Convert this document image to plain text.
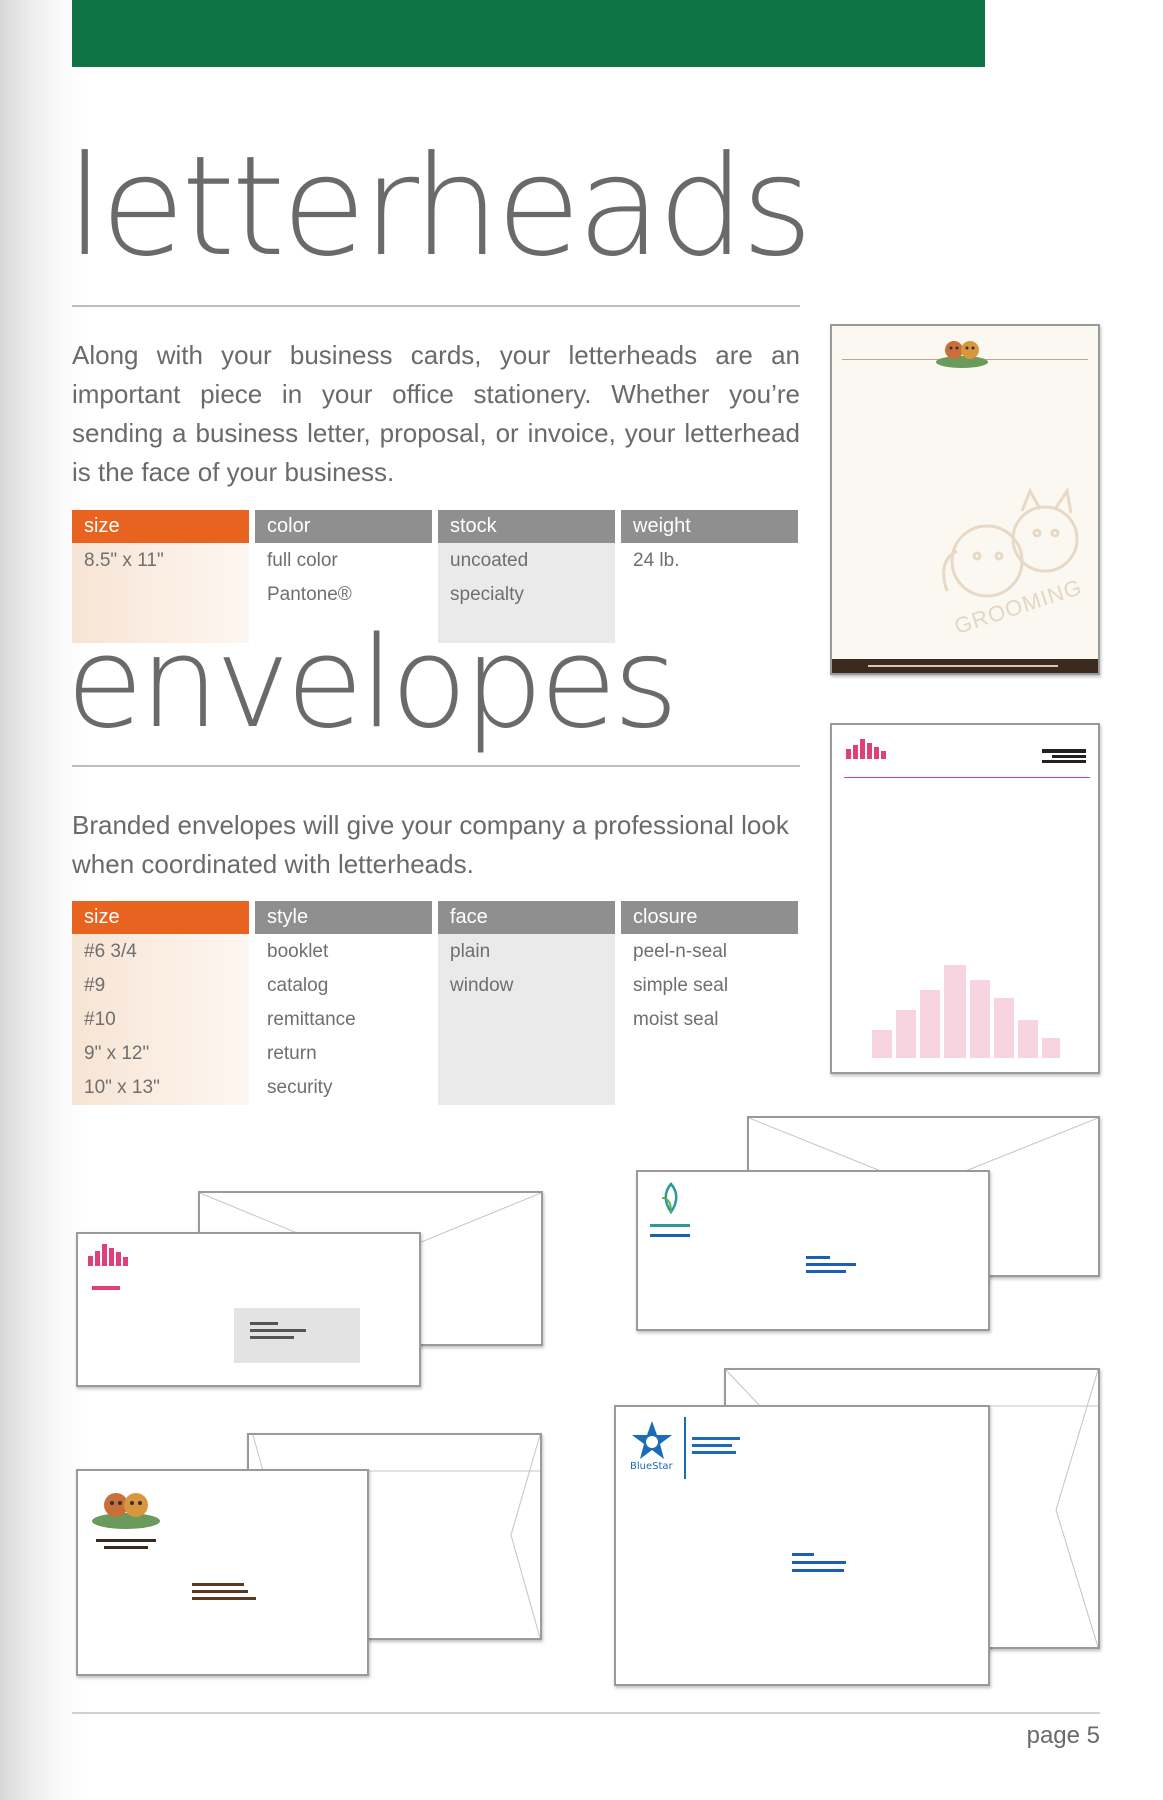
letterheads

Along with your business cards, your letterheads are an important piece in your office stationery. Whether you’re sending a business letter, proposal, or invoice, your letterhead is the face of your business.

size
8.5" x 11"
color
full color
Pantone®
stock
uncoated
specialty
weight
24 lb.
envelopes

Branded envelopes will give your company a professional look when coordinated with letterheads.

size
#6 3/4
#9
#10
9" x 12"
10" x 13"
style
booklet
catalog
remittance
return
security
face
plain
window
closure
peel-n-seal
simple seal
moist seal
GROOMING
BlueStar
page 5
